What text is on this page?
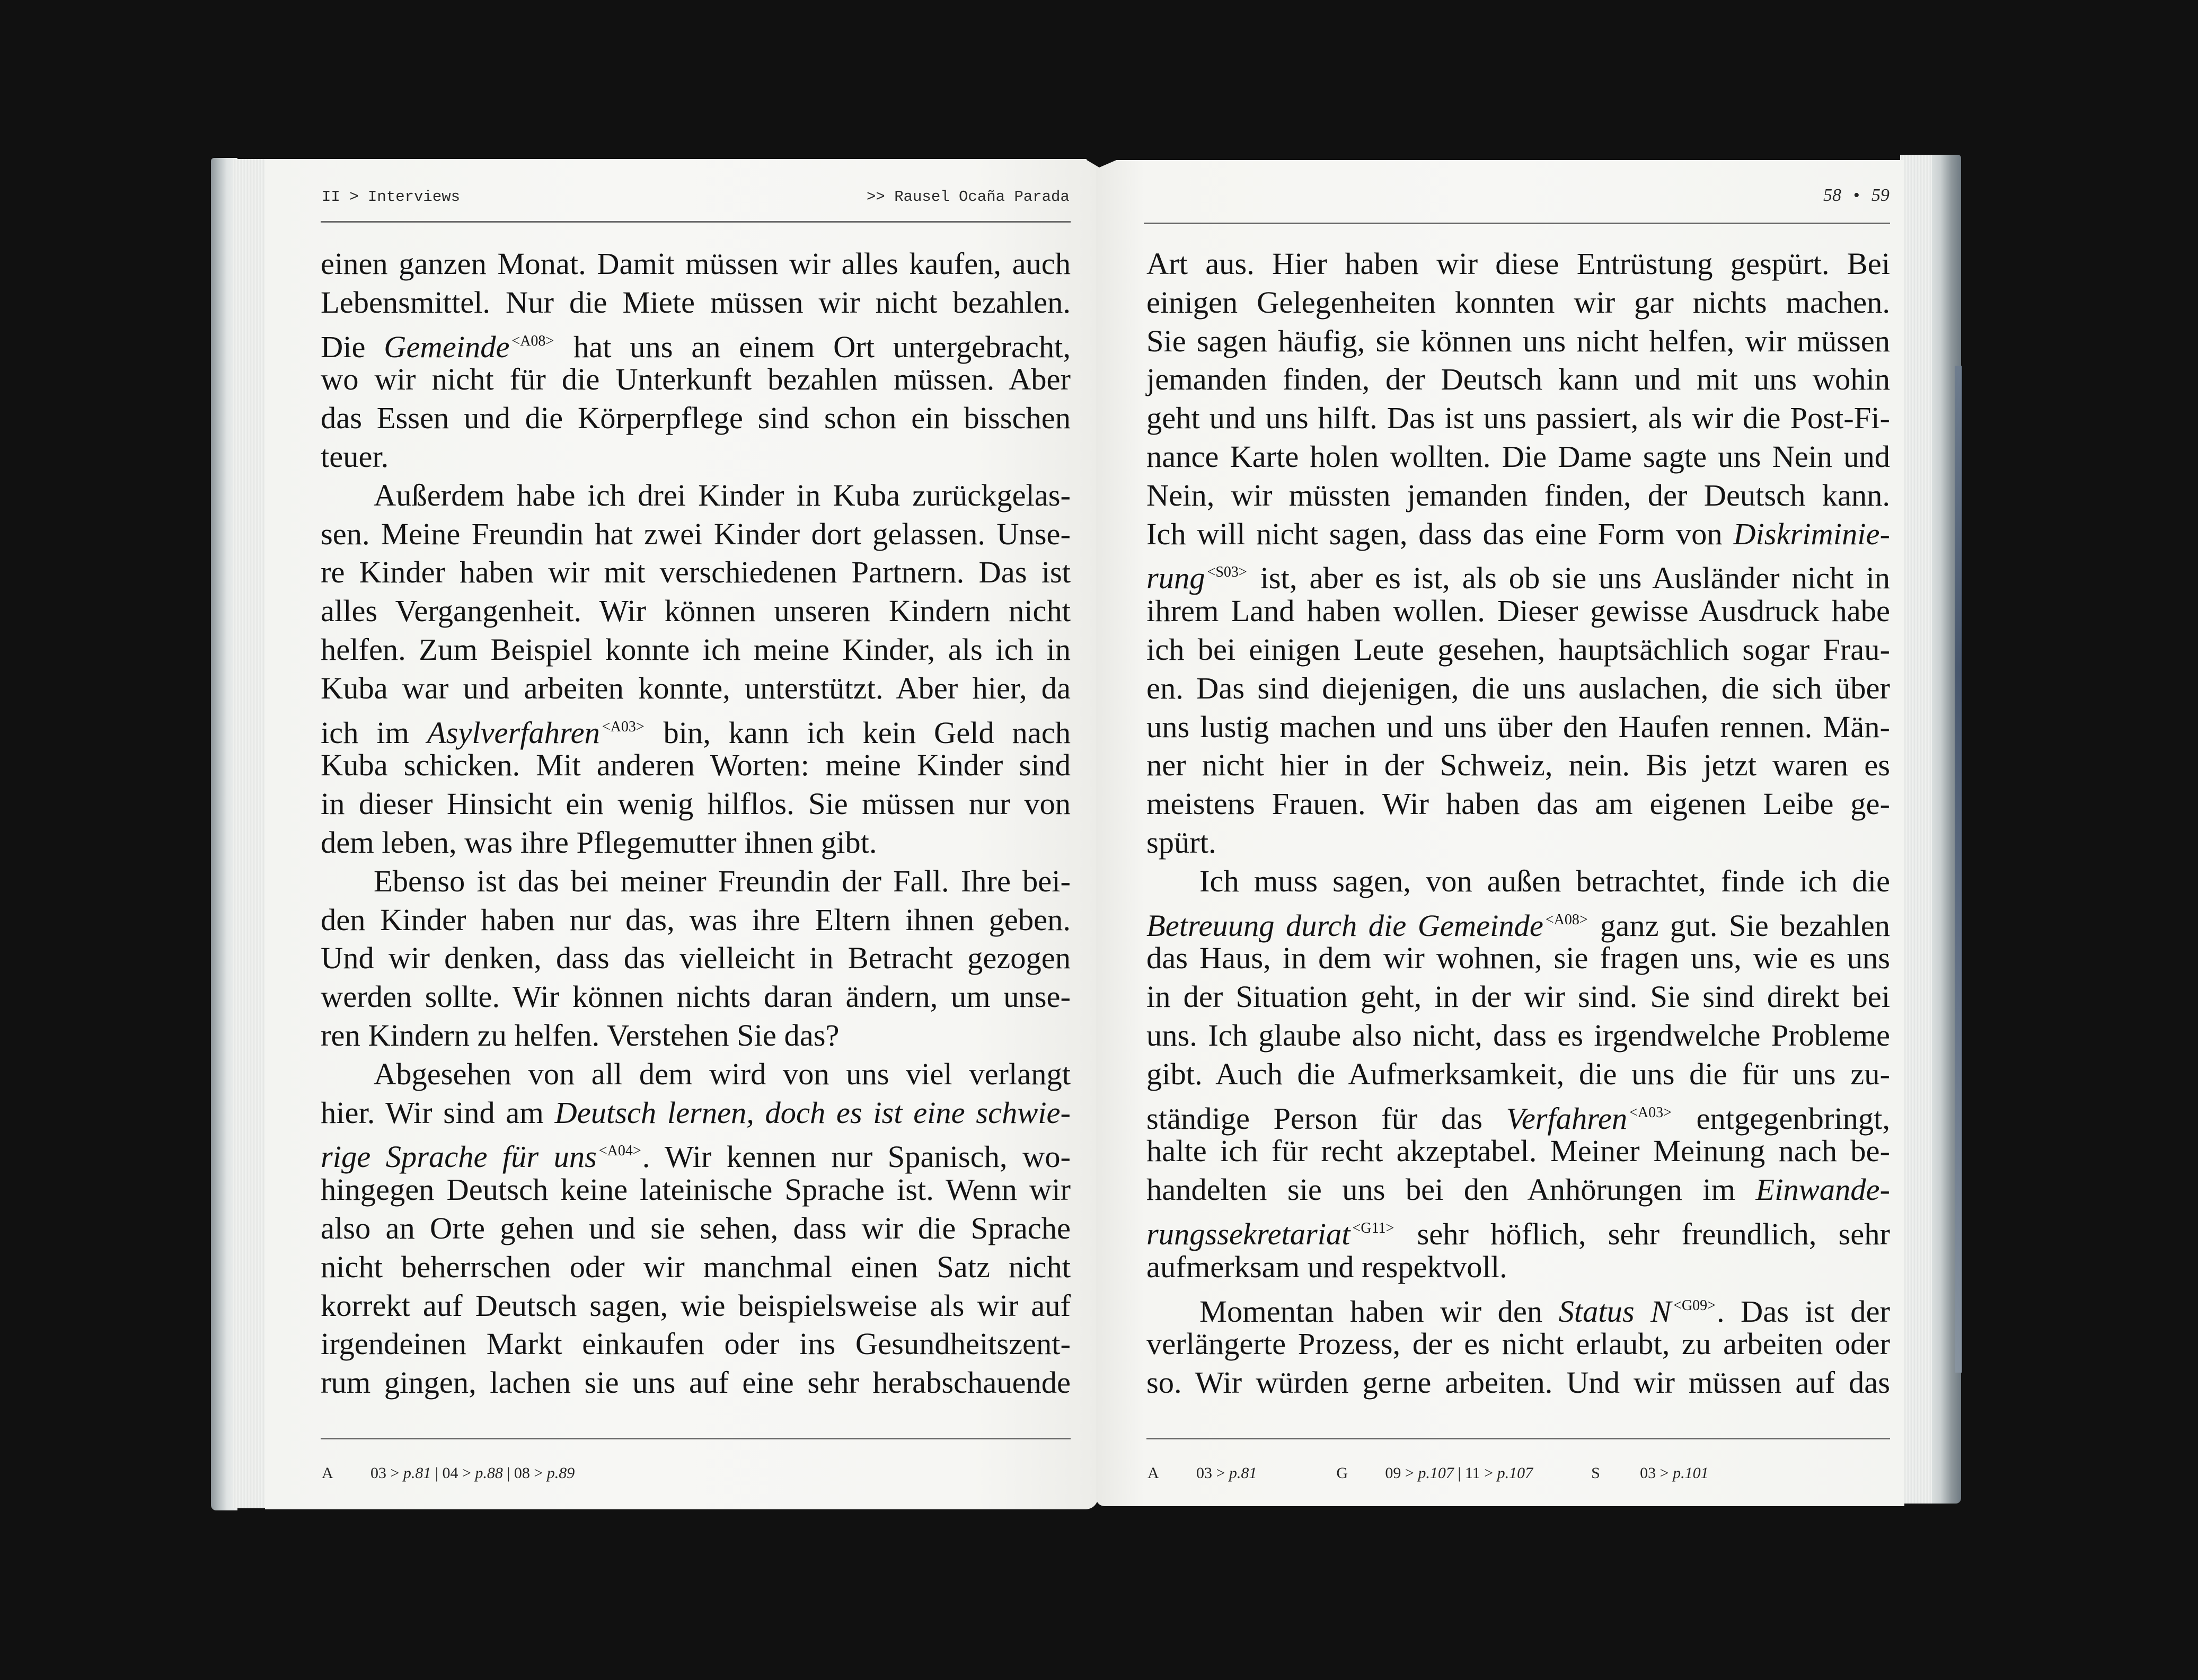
II > Interviews	>> Rausel Ocaña Parada	58 • 59
einen ganzen Monat. Damit müssen wir alles kaufen, auch
Lebensmittel. Nur die Miete müssen wir nicht bezahlen.
Die Gemeinde $^{<A08>}$ hat uns an einem Ort untergebracht,
wo wir nicht für die Unterkunft bezahlen müssen. Aber
das Essen und die Körperpflege sind schon ein bisschen
teuer.
Außerdem habe ich drei Kinder in Kuba zurückgelas-
sen. Meine Freundin hat zwei Kinder dort gelassen. Unse-
re Kinder haben wir mit verschiedenen Partnern. Das ist
alles Vergangenheit. Wir können unseren Kindern nicht
helfen. Zum Beispiel konnte ich meine Kinder, als ich in
Kuba war und arbeiten konnte, unterstützt. Aber hier, da
ich im Asylverfahren $^{<A03>}$ bin, kann ich kein Geld nach
Kuba schicken. Mit anderen Worten: meine Kinder sind
in dieser Hinsicht ein wenig hilflos. Sie müssen nur von
dem leben, was ihre Pflegemutter ihnen gibt.
Ebenso ist das bei meiner Freundin der Fall. Ihre bei-
den Kinder haben nur das, was ihre Eltern ihnen geben.
Und wir denken, dass das vielleicht in Betracht gezogen
werden sollte. Wir können nichts daran ändern, um unse-
ren Kindern zu helfen. Verstehen Sie das?
Abgesehen von all dem wird von uns viel verlangt
hier. Wir sind am Deutsch lernen, doch es ist eine schwie-
rige Sprache für uns $^{<A04>}$. Wir kennen nur Spanisch, wo-
hingegen Deutsch keine lateinische Sprache ist. Wenn wir
also an Orte gehen und sie sehen, dass wir die Sprache
nicht beherrschen oder wir manchmal einen Satz nicht
korrekt auf Deutsch sagen, wie beispielsweise als wir auf
irgendeinen Markt einkaufen oder ins Gesundheitszent-
rum gingen, lachen sie uns auf eine sehr herabschauende
Art aus. Hier haben wir diese Entrüstung gespürt. Bei
einigen Gelegenheiten konnten wir gar nichts machen.
Sie sagen häufig, sie können uns nicht helfen, wir müssen
jemanden finden, der Deutsch kann und mit uns wohin
geht und uns hilft. Das ist uns passiert, als wir die Post-Fi-
nance Karte holen wollten. Die Dame sagte uns Nein und
Nein, wir müssten jemanden finden, der Deutsch kann.
Ich will nicht sagen, dass das eine Form von Diskriminie-
rung $^{<S03>}$ ist, aber es ist, als ob sie uns Ausländer nicht in
ihrem Land haben wollen. Dieser gewisse Ausdruck habe
ich bei einigen Leute gesehen, hauptsächlich sogar Frau-
en. Das sind diejenigen, die uns auslachen, die sich über
uns lustig machen und uns über den Haufen rennen. Män-
ner nicht hier in der Schweiz, nein. Bis jetzt waren es
meistens Frauen. Wir haben das am eigenen Leibe ge-
spürt.
Ich muss sagen, von außen betrachtet, finde ich die
Betreuung durch die Gemeinde $^{<A08>}$ ganz gut. Sie bezahlen
das Haus, in dem wir wohnen, sie fragen uns, wie es uns
in der Situation geht, in der wir sind. Sie sind direkt bei
uns. Ich glaube also nicht, dass es irgendwelche Probleme
gibt. Auch die Aufmerksamkeit, die uns die für uns zu-
ständige Person für das Verfahren $^{<A03>}$ entgegenbringt,
halte ich für recht akzeptabel. Meiner Meinung nach be-
handelten sie uns bei den Anhörungen im Einwande-
rungssekretariat $^{<G11>}$ sehr höflich, sehr freundlich, sehr
aufmerksam und respektvoll.
Momentan haben wir den Status N $^{<G09>}$. Das ist der
verlängerte Prozess, der es nicht erlaubt, zu arbeiten oder
so. Wir würden gerne arbeiten. Und wir müssen auf das
A 03 > p.81 | 04 > p.88 | 08 > p.89	A 03 > p.81	G 09 > p.107 | 11 > p.107	S	03 > p.101
